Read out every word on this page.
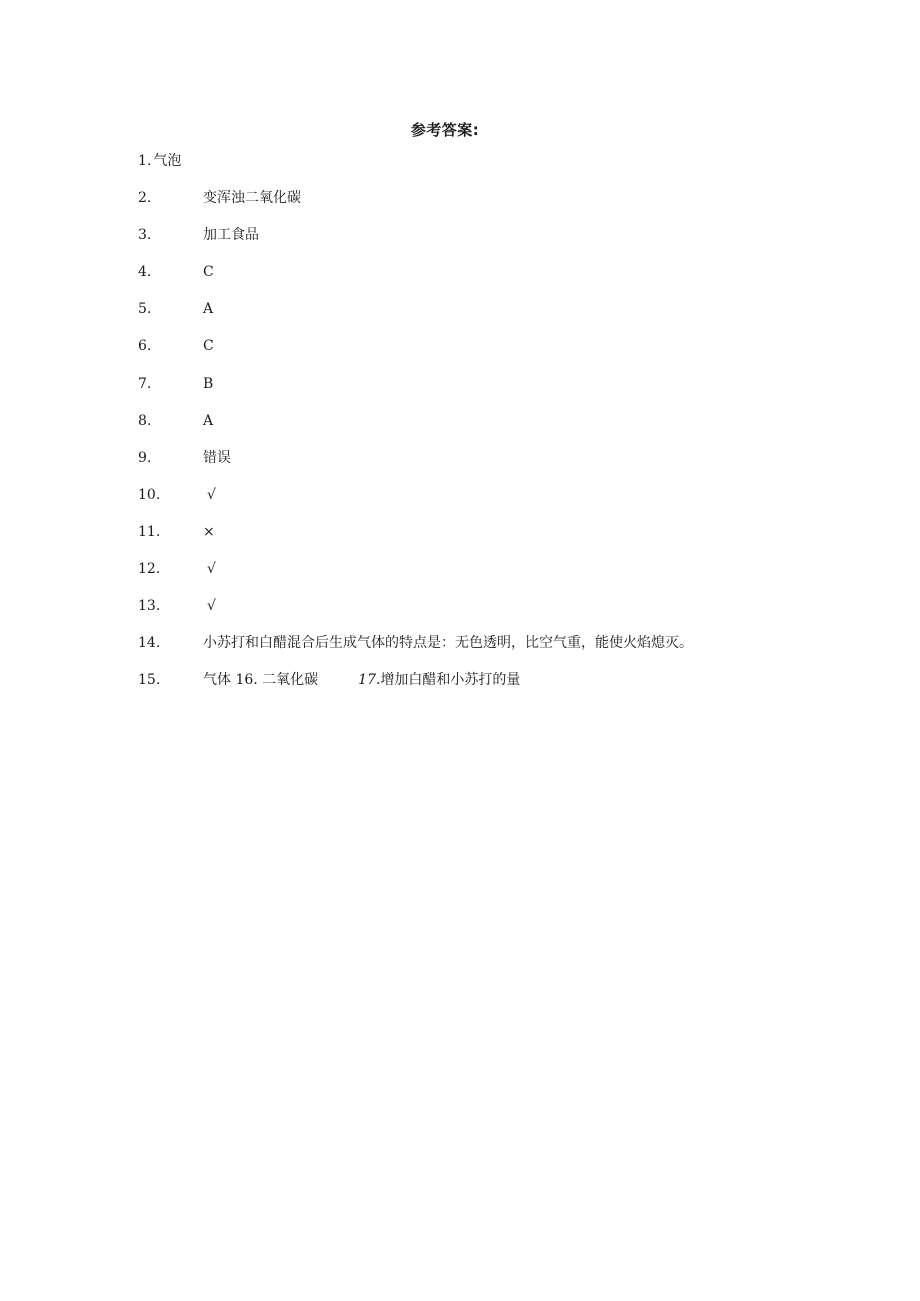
参考答案:
1. 气泡
2.	变浑浊二氧化碳
3.	加工食品
4.	C
5.	A
6.	C
7.	B
8.	A
9.	错误
10.	√
11.	×
12.	√
13.	√
14.	小苏打和白醋混合后生成气体的特点是：无色透明，比空气重，能使火焰熄灭。
15.	气体 16. 二氧化碳	17.增加白醋和小苏打的量
